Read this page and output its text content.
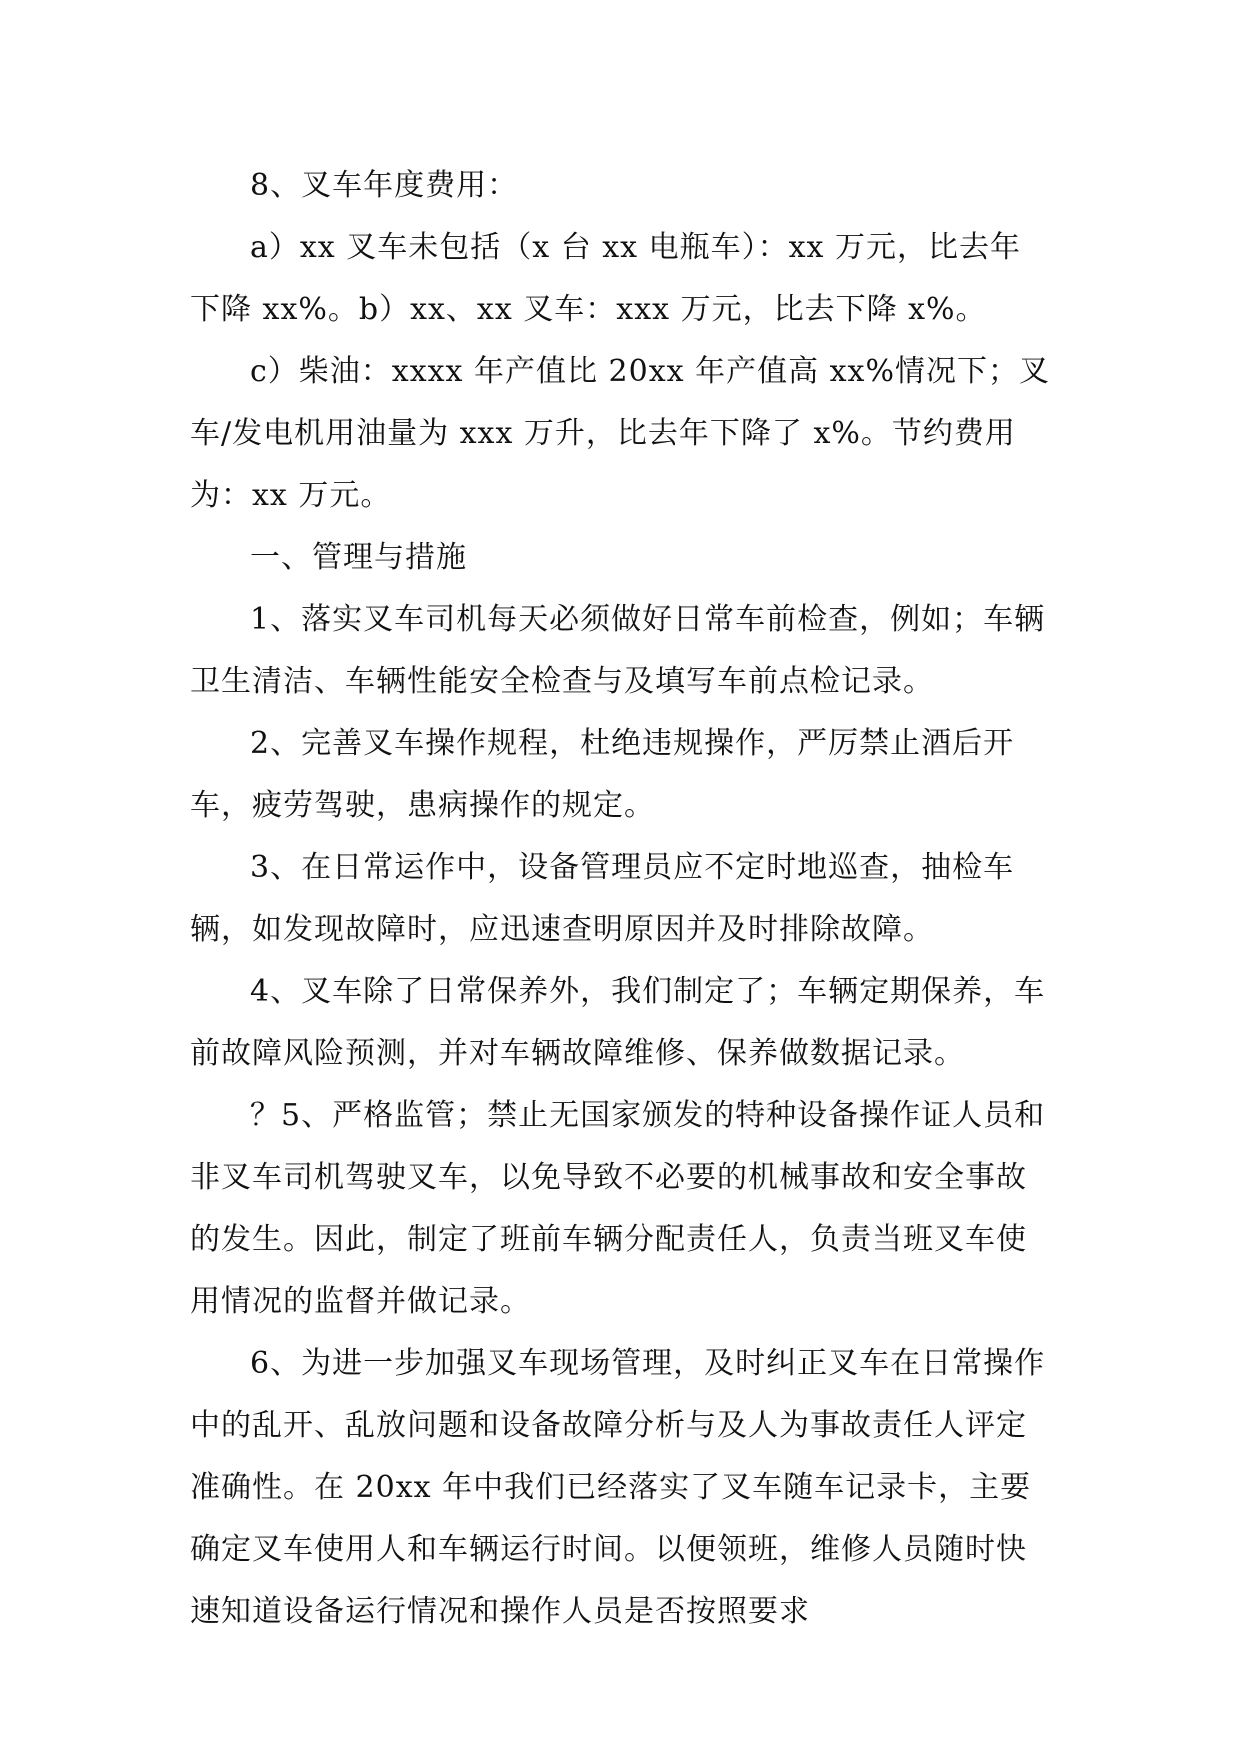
8、叉车年度费用：

a）xx 叉车未包括（x 台 xx 电瓶车）：xx 万元，比去年下降 xx%。b）xx、xx 叉车：xxx 万元，比去下降 x%。

c）柴油：xxxx 年产值比 20xx 年产值高 xx%情况下；叉车/发电机用油量为 xxx 万升，比去年下降了 x%。节约费用为：xx 万元。

一、管理与措施

1、落实叉车司机每天必须做好日常车前检查，例如；车辆卫生清洁、车辆性能安全检查与及填写车前点检记录。

2、完善叉车操作规程，杜绝违规操作，严厉禁止酒后开车，疲劳驾驶，患病操作的规定。

3、在日常运作中，设备管理员应不定时地巡查，抽检车辆，如发现故障时，应迅速查明原因并及时排除故障。

4、叉车除了日常保养外，我们制定了；车辆定期保养，车前故障风险预测，并对车辆故障维修、保养做数据记录。

？5、严格监管；禁止无国家颁发的特种设备操作证人员和非叉车司机驾驶叉车，以免导致不必要的机械事故和安全事故的发生。因此，制定了班前车辆分配责任人，负责当班叉车使用情况的监督并做记录。

6、为进一步加强叉车现场管理，及时纠正叉车在日常操作中的乱开、乱放问题和设备故障分析与及人为事故责任人评定准确性。在 20xx 年中我们已经落实了叉车随车记录卡，主要确定叉车使用人和车辆运行时间。以便领班，维修人员随时快速知道设备运行情况和操作人员是否按照要求
